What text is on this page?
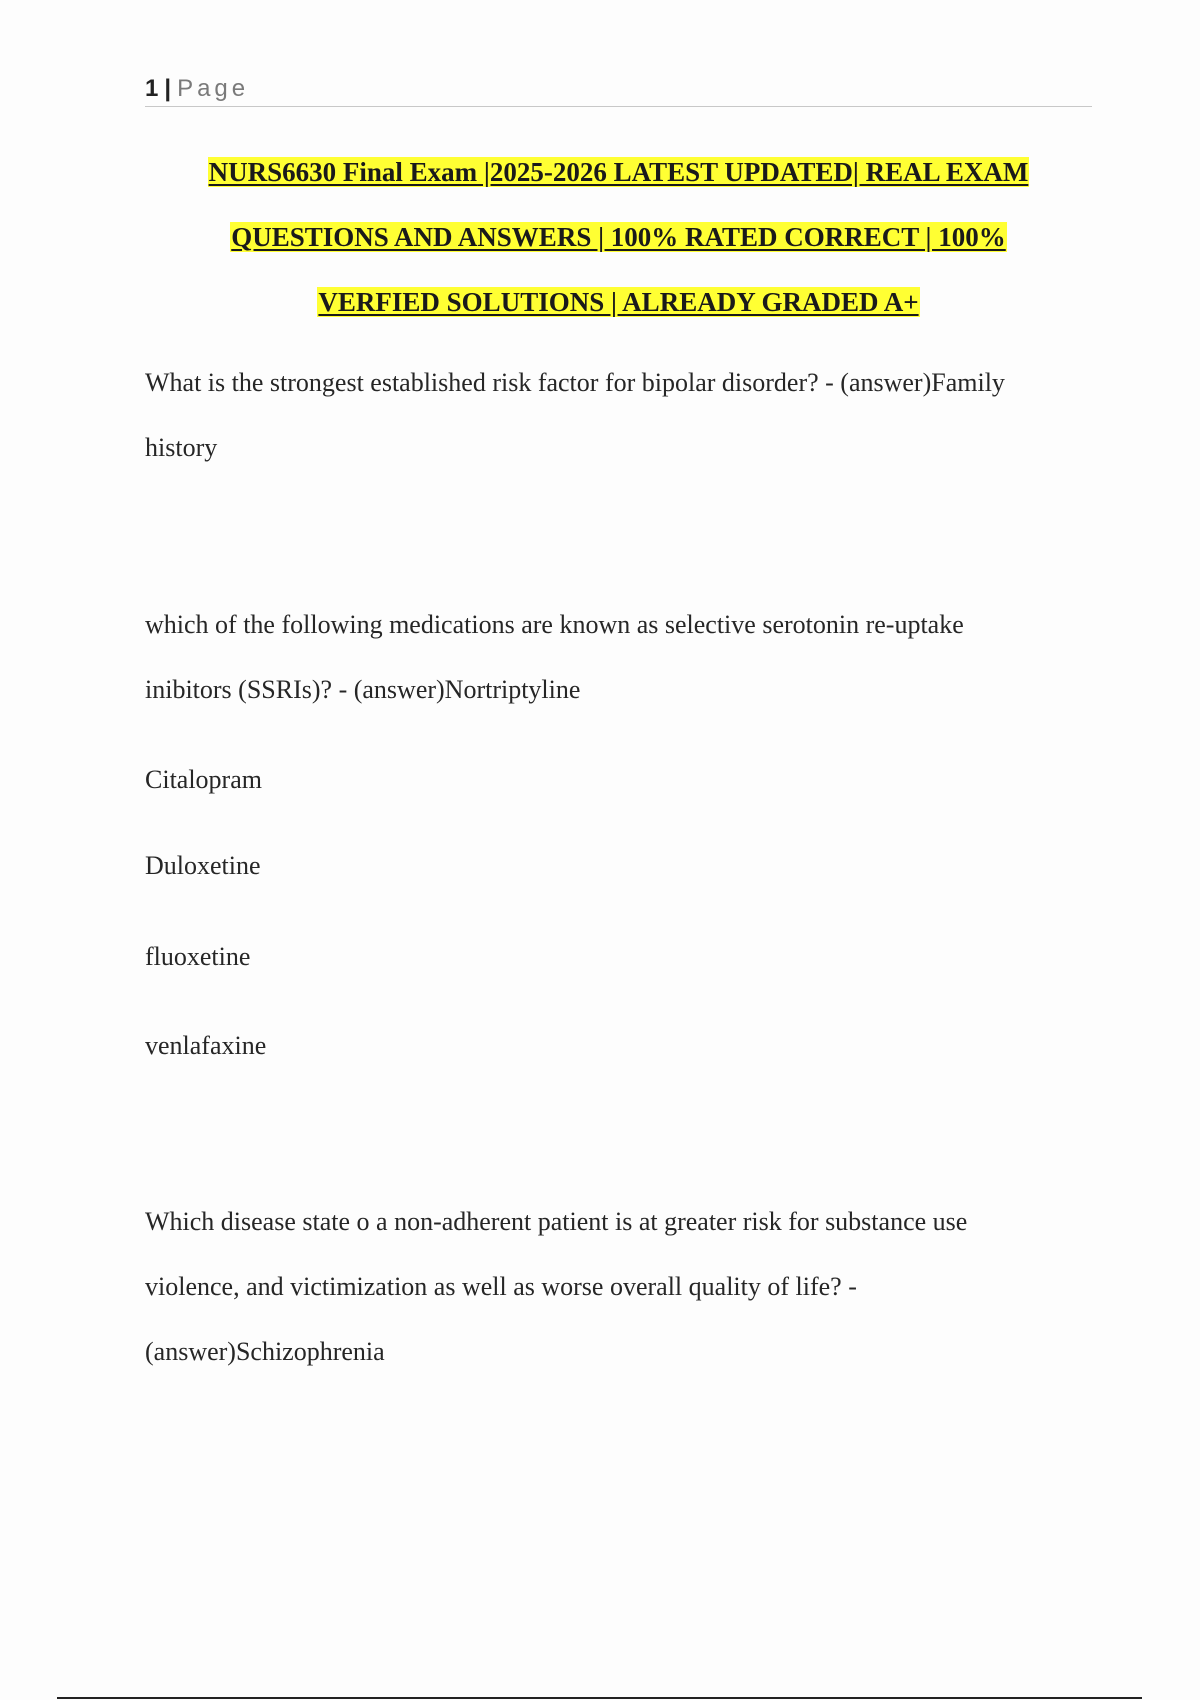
1 | Page
NURS6630 Final Exam |2025-2026 LATEST UPDATED| REAL EXAM
QUESTIONS AND ANSWERS | 100% RATED CORRECT | 100%
VERFIED SOLUTIONS | ALREADY GRADED A+

What is the strongest established risk factor for bipolar disorder? - (answer)Family

history

which of the following medications are known as selective serotonin re-uptake

inibitors (SSRIs)? - (answer)Nortriptyline

Citalopram

Duloxetine

fluoxetine

venlafaxine

Which disease state o a non-adherent patient is at greater risk for substance use

violence, and victimization as well as worse overall quality of life? -

(answer)Schizophrenia
